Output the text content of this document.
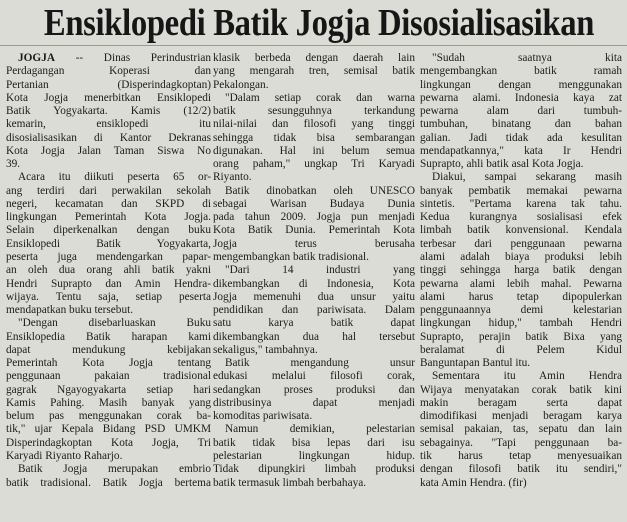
Ensiklopedi Batik Jogja Disosialisasikan
JOGJA -- Dinas Perindustrian
Perdagangan Koperasi dan
Pertanian (Disperindagkoptan)
Kota Jogja menerbitkan Ensiklopedi
Batik Yogyakarta. Kamis (12/2)
kemarin, ensiklopedi itu
disosialisasikan di Kantor Dekranas
Kota Jogja Jalan Taman Siswa No
39.
Acara itu diikuti peserta 65 or-
ang terdiri dari perwakilan sekolah
negeri, kecamatan dan SKPD di
lingkungan Pemerintah Kota Jogja.
Selain diperkenalkan dengan buku
Ensiklopedi Batik Yogyakarta,
peserta juga mendengarkan papar-
an oleh dua orang ahli batik yakni
Hendri Suprapto dan Amin Hendra-
wijaya. Tentu saja, setiap peserta
mendapatkan buku tersebut.
"Dengan disebarluaskan Buku
Ensiklopedia Batik harapan kami
dapat mendukung kebijakan
Pemerintah Kota Jogja tentang
penggunaan pakaian tradisional
gagrak Ngayogyakarta setiap hari
Kamis Pahing. Masih banyak yang
belum pas menggunakan corak ba-
tik," ujar Kepala Bidang PSD UMKM
Disperindagkoptan Kota Jogja, Tri
Karyadi Riyanto Raharjo.
Batik Jogja merupakan embrio
batik tradisional. Batik Jogja bertema
klasik berbeda dengan daerah lain
yang mengarah tren, semisal batik
Pekalongan.
"Dalam setiap corak dan warna
batik sesungguhnya terkandung
nilai-nilai dan filosofi yang tinggi
sehingga tidak bisa sembarangan
digunakan. Hal ini belum semua
orang paham," ungkap Tri Karyadi
Riyanto.
Batik dinobatkan oleh UNESCO
sebagai Warisan Budaya Dunia
pada tahun 2009. Jogja pun menjadi
Kota Batik Dunia. Pemerintah Kota
Jogja terus berusaha
mengembangkan batik tradisional.
"Dari 14 industri yang
dikembangkan di Indonesia, Kota
Jogja memenuhi dua unsur yaitu
pendidikan dan pariwisata. Dalam
satu karya batik dapat
dikembangkan dua hal tersebut
sekaligus," tambahnya.
Batik mengandung unsur
edukasi melalui filosofi corak,
sedangkan proses produksi dan
distribusinya dapat menjadi
komoditas pariwisata.
Namun demikian, pelestarian
batik tidak bisa lepas dari isu
pelestarian lingkungan hidup.
Tidak dipungkiri limbah produksi
batik termasuk limbah berbahaya.
"Sudah saatnya kita
mengembangkan batik ramah
lingkungan dengan menggunakan
pewarna alami. Indonesia kaya zat
pewarna alam dari tumbuh-
tumbuhan, binatang dan bahan
galian. Jadi tidak ada kesulitan
mendapatkannya," kata Ir Hendri
Suprapto, ahli batik asal Kota Jogja.
Diakui, sampai sekarang masih
banyak pembatik memakai pewarna
sintetis. "Pertama karena tak tahu.
Kedua kurangnya sosialisasi efek
limbah batik konvensional. Kendala
terbesar dari penggunaan pewarna
alami adalah biaya produksi lebih
tinggi sehingga harga batik dengan
pewarna alami lebih mahal. Pewarna
alami harus tetap dipopulerkan
penggunaannya demi kelestarian
lingkungan hidup," tambah Hendri
Suprapto, perajin batik Bixa yang
beralamat di Pelem Kidul
Banguntapan Bantul itu.
Sementara itu Amin Hendra
Wijaya menyatakan corak batik kini
makin beragam serta dapat
dimodifikasi menjadi beragam karya
semisal pakaian, tas, sepatu dan lain
sebagainya. "Tapi penggunaan ba-
tik harus tetap menyesuaikan
dengan filosofi batik itu sendiri,"
kata Amin Hendra. (fir)
